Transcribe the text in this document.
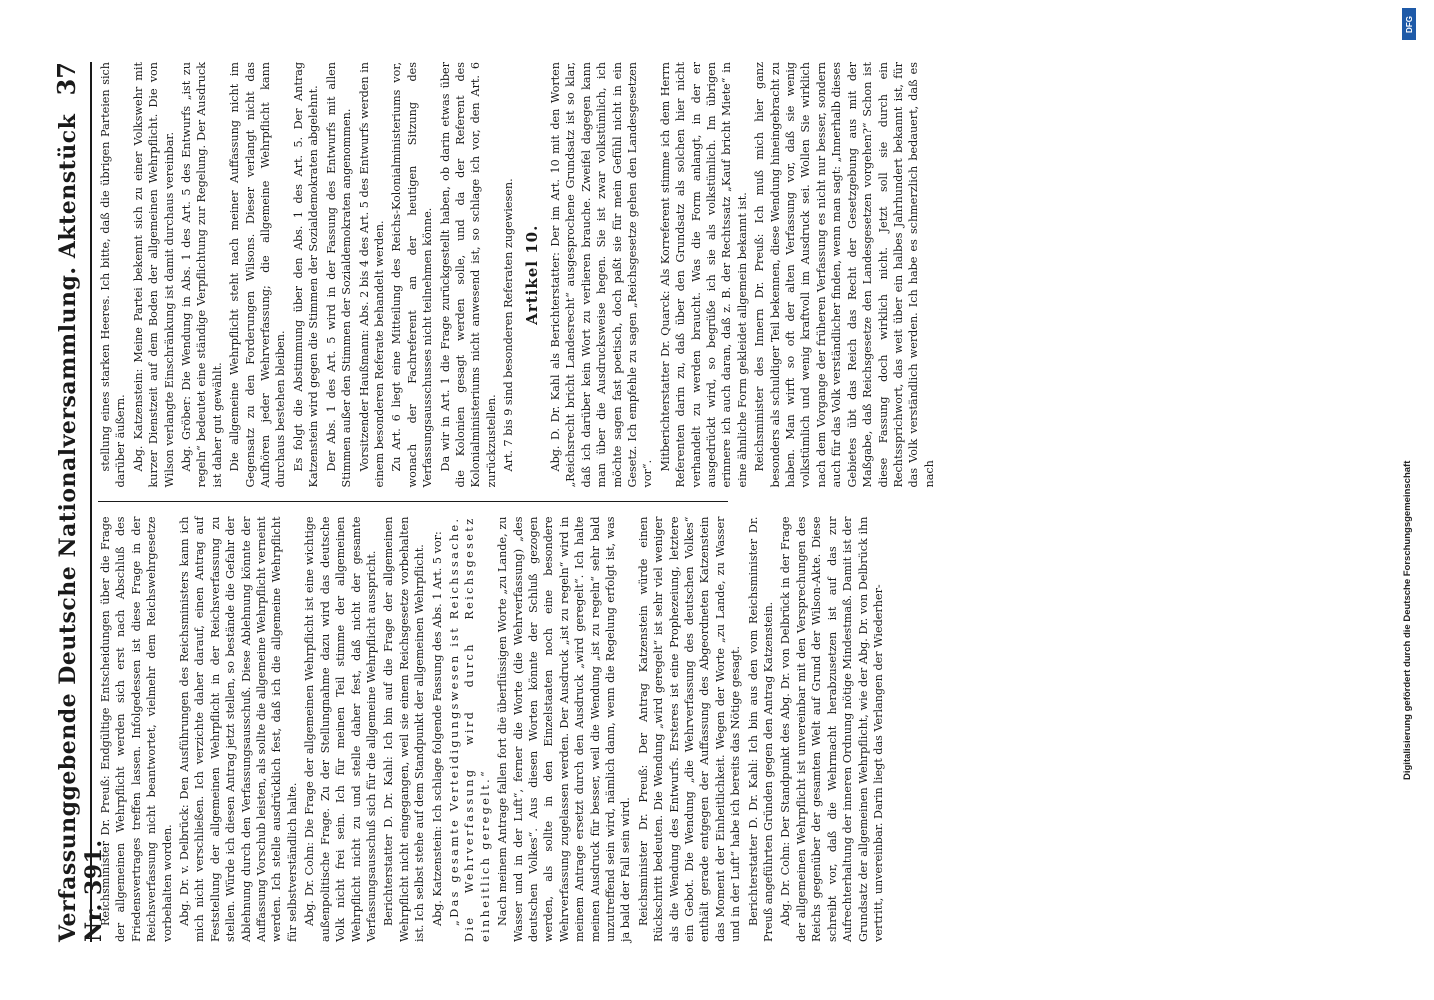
Verfassunggebende Deutsche Nationalversammlung. Aktenstück Nr. 391.
37

Reichsminister Dr. Preuß: Endgültige Entscheidungen über die Frage der allgemeinen Wehrpflicht werden sich erst nach Abschluß des Friedensvertrages treffen lassen. Infolgedessen ist diese Frage in der Reichsverfassung nicht beantwortet, vielmehr dem Reichswehrgesetze vorbehalten worden. Abg. Dr. v. Delbrück: Den Ausführungen des Reichsministers kann ich mich nicht verschließen. Ich verzichte daher darauf, einen Antrag auf Feststellung der allgemeinen Wehrpflicht in der Reichsverfassung zu stellen. Würde ich diesen Antrag jetzt stellen, so bestände die Gefahr der Ablehnung durch den Verfassungsausschuß. Diese Ablehnung könnte der Auffassung Vorschub leisten, als sollte die allgemeine Wehrpflicht verneint werden. Ich stelle ausdrücklich fest, daß ich die allgemeine Wehrpflicht für selbstverständlich halte. Abg. Dr. Cohn: Die Frage der allgemeinen Wehrpflicht ist eine wichtige außenpolitische Frage. Zu der Stellungnahme dazu wird das deutsche Volk nicht frei sein. Ich für meinen Teil stimme der allgemeinen Wehrpflicht nicht zu und stelle daher fest, daß nicht der gesamte Verfassungsausschuß sich für die allgemeine Wehrpflicht ausspricht. Berichterstatter D. Dr. Kahl: Ich bin auf die Frage der allgemeinen Wehrpflicht nicht eingegangen, weil sie einem Reichsgesetze vorbehalten ist. Ich selbst stehe auf dem Standpunkt der allgemeinen Wehrpflicht. Abg. Katzenstein: Ich schlage folgende Fassung des Abs. 1 Art. 5 vor: „Das gesamte Verteidigungswesen ist Reichssache. Die Wehrverfassung wird durch Reichsgesetz einheitlich geregelt.“ Nach meinem Antrage fallen fort die überflüssigen Worte „zu Lande, zu Wasser und in der Luft“, ferner die Worte (die Wehrverfassung) „des deutschen Volkes“. Aus diesen Worten könnte der Schluß gezogen werden, als sollte in den Einzelstaaten noch eine besondere Wehrverfassung zugelassen werden. Der Ausdruck „ist zu regeln“ wird in meinem Antrage ersetzt durch den Ausdruck „wird geregelt“. Ich halte meinen Ausdruck für besser, weil die Wendung „ist zu regeln“ sehr bald unzutreffend sein wird, nämlich dann, wenn die Regelung erfolgt ist, was ja bald der Fall sein wird. Reichsminister Dr. Preuß: Der Antrag Katzenstein würde einen Rückschritt bedeuten. Die Wendung „wird geregelt“ ist sehr viel weniger als die Wendung des Entwurfs. Ersteres ist eine Prophezeiung, letztere ein Gebot. Die Wendung „die Wehrverfassung des deutschen Volkes“ enthält gerade entgegen der Auffassung des Abgeordneten Katzenstein das Moment der Einheitlichkeit. Wegen der Worte „zu Lande, zu Wasser und in der Luft“ habe ich bereits das Nötige gesagt. Berichterstatter D. Dr. Kahl: Ich bin aus den vom Reichsminister Dr. Preuß angeführten Gründen gegen den Antrag Katzenstein. Abg. Dr. Cohn: Der Standpunkt des Abg. Dr. von Delbrück in der Frage der allgemeinen Wehrpflicht ist unvereinbar mit den Versprechungen des Reichs gegenüber der gesamten Welt auf Grund der Wilson-Akte. Diese schreibt vor, daß die Wehrmacht herabzusetzen ist auf das zur Aufrechterhaltung der inneren Ordnung nötige Mindestmaß. Damit ist der Grundsatz der allgemeinen Wehrpflicht, wie der Abg. Dr. von Delbrück ihn vertritt, unvereinbar. Darin liegt das Verlangen der Wiederher-

stellung eines starken Heeres. Ich bitte, daß die übrigen Parteien sich darüber äußern. Abg. Katzenstein: Meine Partei bekennt sich zu einer Volkswehr mit kurzer Dienstzeit auf dem Boden der allgemeinen Wehrpflicht. Die von Wilson verlangte Einschränkung ist damit durchaus vereinbar. Abg. Gröber: Die Wendung in Abs. 1 des Art. 5 des Entwurfs „ist zu regeln“ bedeutet eine ständige Verpflichtung zur Regelung. Der Ausdruck ist daher gut gewählt. Die allgemeine Wehrpflicht steht nach meiner Auffassung nicht im Gegensatz zu den Forderungen Wilsons. Dieser verlangt nicht das Aufhören jeder Wehrverfassung; die allgemeine Wehrpflicht kann durchaus bestehen bleiben. Es folgt die Abstimmung über den Abs. 1 des Art. 5. Der Antrag Katzenstein wird gegen die Stimmen der Sozialdemokraten abgelehnt. Der Abs. 1 des Art. 5 wird in der Fassung des Entwurfs mit allen Stimmen außer den Stimmen der Sozialdemokraten angenommen. Vorsitzender Haußmann: Abs. 2 bis 4 des Art. 5 des Entwurfs werden in einem besonderen Referate behandelt werden. Zu Art. 6 liegt eine Mitteilung des Reichs-Kolonialministeriums vor, wonach der Fachreferent an der heutigen Sitzung des Verfassungsausschusses nicht teilnehmen könne. Da wir in Art. 1 die Frage zurückgestellt haben, ob darin etwas über die Kolonien gesagt werden solle, und da der Referent des Kolonialministeriums nicht anwesend ist, so schlage ich vor, den Art. 6 zurückzustellen. Art. 7 bis 9 sind besonderen Referaten zugewiesen. Artikel 10. Abg. D. Dr. Kahl als Berichterstatter: Der im Art. 10 mit den Worten „Reichsrecht bricht Landesrecht“ ausgesprochene Grundsatz ist so klar, daß ich darüber kein Wort zu verlieren brauche. Zweifel dagegen kann man über die Ausdrucksweise hegen. Sie ist zwar volkstümlich, ich möchte sagen fast poetisch, doch paßt sie für mein Gefühl nicht in ein Gesetz. Ich empfehle zu sagen „Reichsgesetze gehen den Landesgesetzen vor“.

Mitberichterstatter Dr. Quarck: Als Korreferent stimme ich dem Herrn Referenten darin zu, daß über den Grundsatz als solchen hier nicht verhandelt zu werden braucht. Was die Form anlangt, in der er ausgedrückt wird, so begrüße ich sie als volkstümlich. Im übrigen erinnere ich auch daran, daß z. B. der Rechtssatz „Kauf bricht Miete“ in eine ähnliche Form gekleidet allgemein bekannt ist. Reichsminister des Innern Dr. Preuß: Ich muß mich hier ganz besonders als schuldiger Teil bekennen, diese Wendung hineingebracht zu haben. Man wirft so oft der alten Verfassung vor, daß sie wenig volkstümlich und wenig kraftvoll im Ausdruck sei. Wollen Sie wirklich nach dem Vorgange der früheren Verfassung es nicht nur besser, sondern auch für das Volk verständlicher finden, wenn man sagt: „Innerhalb dieses Gebietes übt das Reich das Recht der Gesetzgebung aus mit der Maßgabe, daß Reichsgesetze den Landesgesetzen vorgehen?“ Schon ist diese Fassung doch wirklich nicht. Jetzt soll sie durch ein Rechtssprichwort, das weit über ein halbes Jahrhundert bekannt ist, für das Volk verständlich werden. Ich habe es schmerzlich bedauert, daß es nach

DFG
Digitalisierung gefördert durch die Deutsche Forschungsgemeinschaft
